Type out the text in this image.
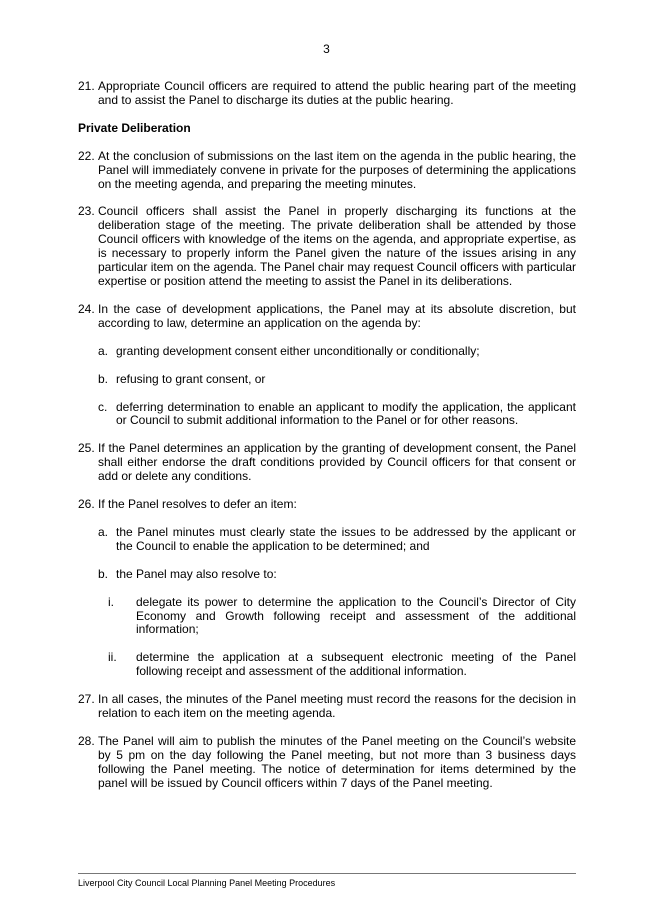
3
21. Appropriate Council officers are required to attend the public hearing part of the meeting and to assist the Panel to discharge its duties at the public hearing.
Private Deliberation
22. At the conclusion of submissions on the last item on the agenda in the public hearing, the Panel will immediately convene in private for the purposes of determining the applications on the meeting agenda, and preparing the meeting minutes.
23. Council officers shall assist the Panel in properly discharging its functions at the deliberation stage of the meeting. The private deliberation shall be attended by those Council officers with knowledge of the items on the agenda, and appropriate expertise, as is necessary to properly inform the Panel given the nature of the issues arising in any particular item on the agenda. The Panel chair may request Council officers with particular expertise or position attend the meeting to assist the Panel in its deliberations.
24. In the case of development applications, the Panel may at its absolute discretion, but according to law, determine an application on the agenda by:
a. granting development consent either unconditionally or conditionally;
b. refusing to grant consent, or
c. deferring determination to enable an applicant to modify the application, the applicant or Council to submit additional information to the Panel or for other reasons.
25. If the Panel determines an application by the granting of development consent, the Panel shall either endorse the draft conditions provided by Council officers for that consent or add or delete any conditions.
26. If the Panel resolves to defer an item:
a. the Panel minutes must clearly state the issues to be addressed by the applicant or the Council to enable the application to be determined; and
b. the Panel may also resolve to:
i. delegate its power to determine the application to the Council’s Director of City Economy and Growth following receipt and assessment of the additional information;
ii. determine the application at a subsequent electronic meeting of the Panel following receipt and assessment of the additional information.
27. In all cases, the minutes of the Panel meeting must record the reasons for the decision in relation to each item on the meeting agenda.
28. The Panel will aim to publish the minutes of the Panel meeting on the Council’s website by 5 pm on the day following the Panel meeting, but not more than 3 business days following the Panel meeting. The notice of determination for items determined by the panel will be issued by Council officers within 7 days of the Panel meeting.
Liverpool City Council Local Planning Panel Meeting Procedures
